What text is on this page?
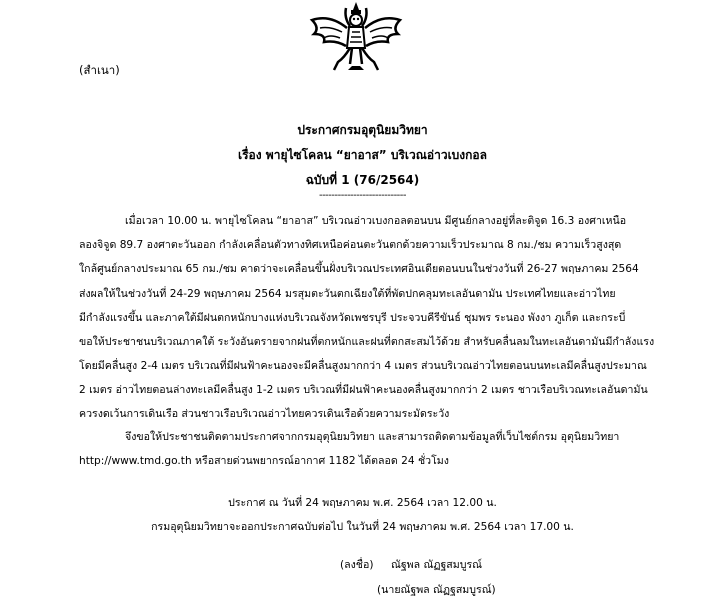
(สำเนา)
ประกาศกรมอุตุนิยมวิทยา
เรื่อง พายุไซโคลน “ยาอาส” บริเวณอ่าวเบงกอล
ฉบับที่ 1 (76/2564)
----------------------------
เมื่อเวลา 10.00 น. พายุไซโคลน “ยาอาส” บริเวณอ่าวเบงกอลตอนบน มีศูนย์กลางอยู่ที่ละติจูด 16.3 องศาเหนือ
ลองจิจูด 89.7 องศาตะวันออก กำลังเคลื่อนตัวทางทิศเหนือค่อนตะวันตกด้วยความเร็วประมาณ 8 กม./ชม ความเร็วสูงสุด
ใกล้ศูนย์กลางประมาณ 65 กม./ชม คาดว่าจะเคลื่อนขึ้นฝั่งบริเวณประเทศอินเดียตอนบนในช่วงวันที่ 26-27 พฤษภาคม 2564
ส่งผลให้ในช่วงวันที่ 24-29 พฤษภาคม 2564 มรสุมตะวันตกเฉียงใต้ที่พัดปกคลุมทะเลอันดามัน ประเทศไทยและอ่าวไทย
มีกำลังแรงขึ้น และภาคใต้มีฝนตกหนักบางแห่งบริเวณจังหวัดเพชรบุรี ประจวบคีรีขันธ์ ชุมพร ระนอง พังงา ภูเก็ต และกระบี่
ขอให้ประชาชนบริเวณภาคใต้ ระวังอันตรายจากฝนที่ตกหนักและฝนที่ตกสะสมไว้ด้วย สำหรับคลื่นลมในทะเลอันดามันมีกำลังแรง
โดยมีคลื่นสูง 2-4 เมตร บริเวณที่มีฝนฟ้าคะนองจะมีคลื่นสูงมากกว่า 4 เมตร ส่วนบริเวณอ่าวไทยตอนบนทะเลมีคลื่นสูงประมาณ
2 เมตร อ่าวไทยตอนล่างทะเลมีคลื่นสูง 1-2 เมตร บริเวณที่มีฝนฟ้าคะนองคลื่นสูงมากกว่า 2 เมตร ชาวเรือบริเวณทะเลอันดามัน
ควรงดเว้นการเดินเรือ ส่วนชาวเรือบริเวณอ่าวไทยควรเดินเรือด้วยความระมัดระวัง
จึงขอให้ประชาชนติดตามประกาศจากกรมอุตุนิยมวิทยา และสามารถติดตามข้อมูลที่เว็บไซต์กรม อุตุนิยมวิทยา
http://www.tmd.go.th หรือสายด่วนพยากรณ์อากาศ 1182 ได้ตลอด 24 ชั่วโมง
ประกาศ ณ วันที่ 24 พฤษภาคม พ.ศ. 2564 เวลา 12.00 น.
กรมอุตุนิยมวิทยาจะออกประกาศฉบับต่อไป ในวันที่ 24 พฤษภาคม พ.ศ. 2564 เวลา 17.00 น.
(ลงชื่อ) ณัฐพล ณัฏฐสมบูรณ์
(นายณัฐพล ณัฏฐสมบูรณ์)
